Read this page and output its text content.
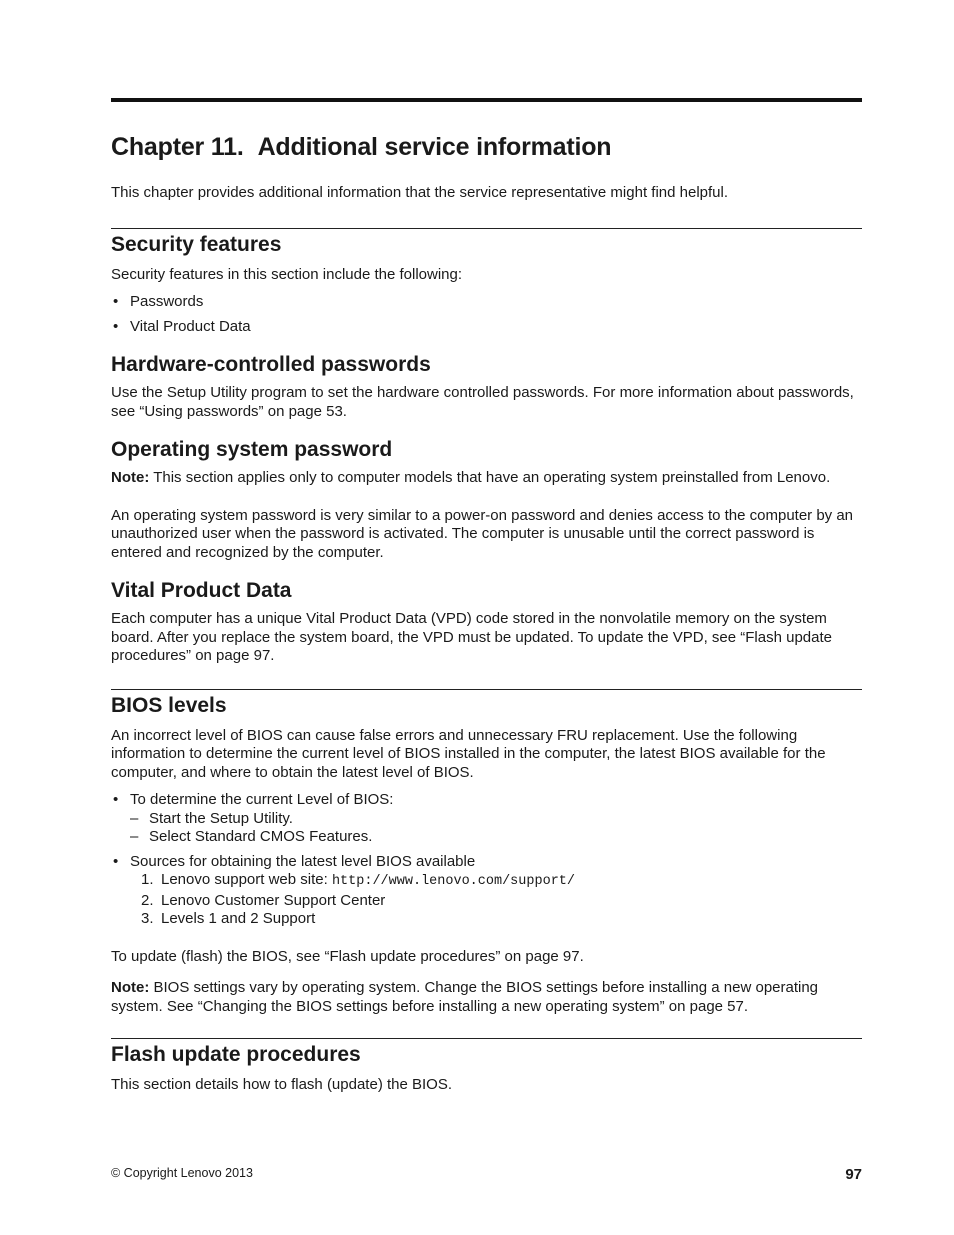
Chapter 11. Additional service information

This chapter provides additional information that the service representative might find helpful.

Security features

Security features in this section include the following:

• Passwords
• Vital Product Data
Hardware-controlled passwords

Use the Setup Utility program to set the hardware controlled passwords. For more information about passwords, see “Using passwords” on page 53.

Operating system password

Note: This section applies only to computer models that have an operating system preinstalled from Lenovo.

An operating system password is very similar to a power-on password and denies access to the computer by an unauthorized user when the password is activated. The computer is unusable until the correct password is entered and recognized by the computer.

Vital Product Data

Each computer has a unique Vital Product Data (VPD) code stored in the nonvolatile memory on the system board. After you replace the system board, the VPD must be updated. To update the VPD, see “Flash update procedures” on page 97.

BIOS levels

An incorrect level of BIOS can cause false errors and unnecessary FRU replacement. Use the following information to determine the current level of BIOS installed in the computer, the latest BIOS available for the computer, and where to obtain the latest level of BIOS.

• To determine the current Level of BIOS:
– Start the Setup Utility.
– Select Standard CMOS Features.
• Sources for obtaining the latest level BIOS available
1. Lenovo support web site: http://www.lenovo.com/support/
2. Lenovo Customer Support Center
3. Levels 1 and 2 Support

To update (flash) the BIOS, see “Flash update procedures” on page 97.

Note: BIOS settings vary by operating system. Change the BIOS settings before installing a new operating system. See “Changing the BIOS settings before installing a new operating system” on page 57.

Flash update procedures

This section details how to flash (update) the BIOS.

© Copyright Lenovo 2013	97
